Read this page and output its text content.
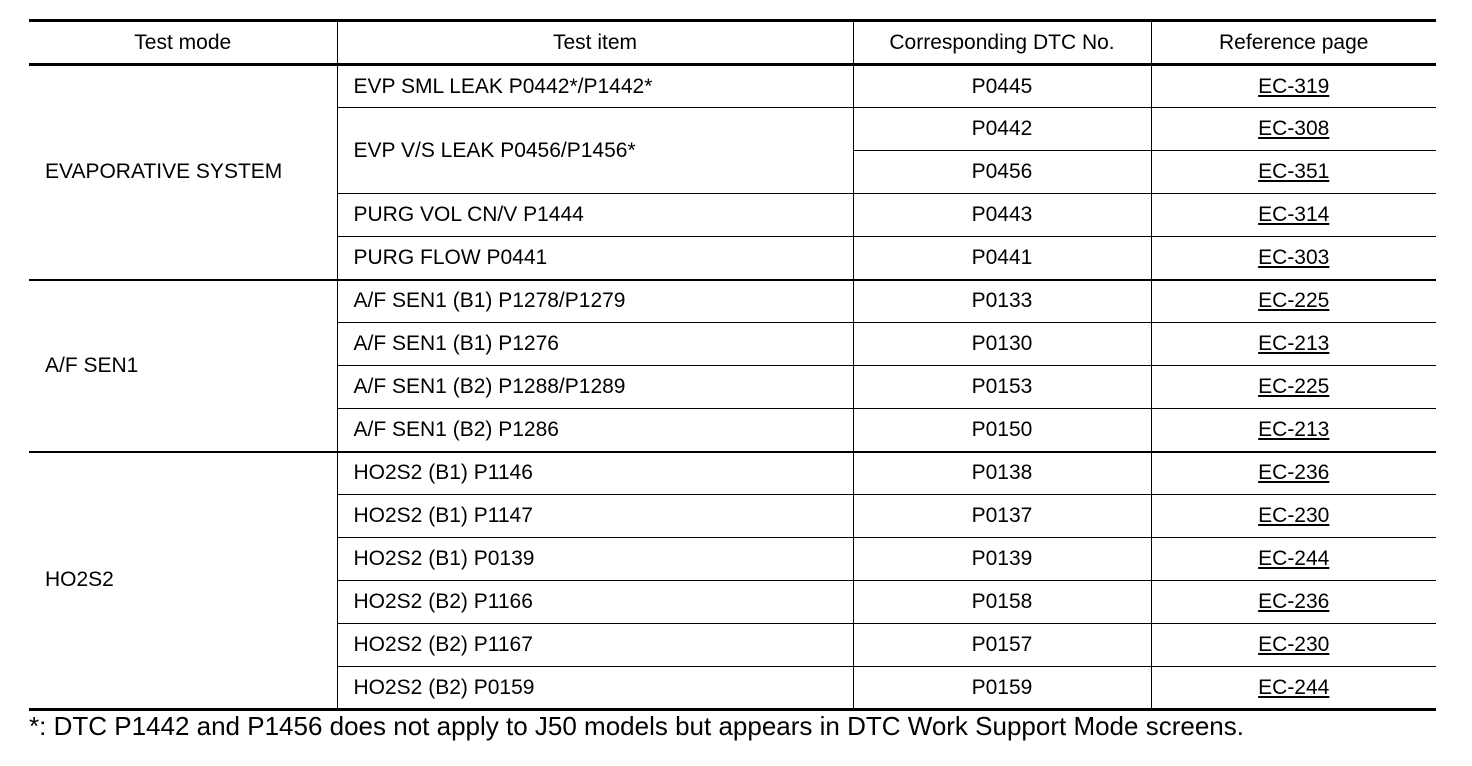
Test mode	Test item	Corresponding DTC No.	Reference page
EVAPORATIVE SYSTEM	EVP SML LEAK P0442*/P1442*	P0445	EC-319
	EVP V/S LEAK P0456/P1456*	P0442	EC-308
		P0456	EC-351
	PURG VOL CN/V P1444	P0443	EC-314
	PURG FLOW P0441	P0441	EC-303
A/F SEN1	A/F SEN1 (B1) P1278/P1279	P0133	EC-225
	A/F SEN1 (B1) P1276	P0130	EC-213
	A/F SEN1 (B2) P1288/P1289	P0153	EC-225
	A/F SEN1 (B2) P1286	P0150	EC-213
HO2S2	HO2S2 (B1) P1146	P0138	EC-236
	HO2S2 (B1) P1147	P0137	EC-230
	HO2S2 (B1) P0139	P0139	EC-244
	HO2S2 (B2) P1166	P0158	EC-236
	HO2S2 (B2) P1167	P0157	EC-230
	HO2S2 (B2) P0159	P0159	EC-244
*: DTC P1442 and P1456 does not apply to J50 models but appears in DTC Work Support Mode screens.
